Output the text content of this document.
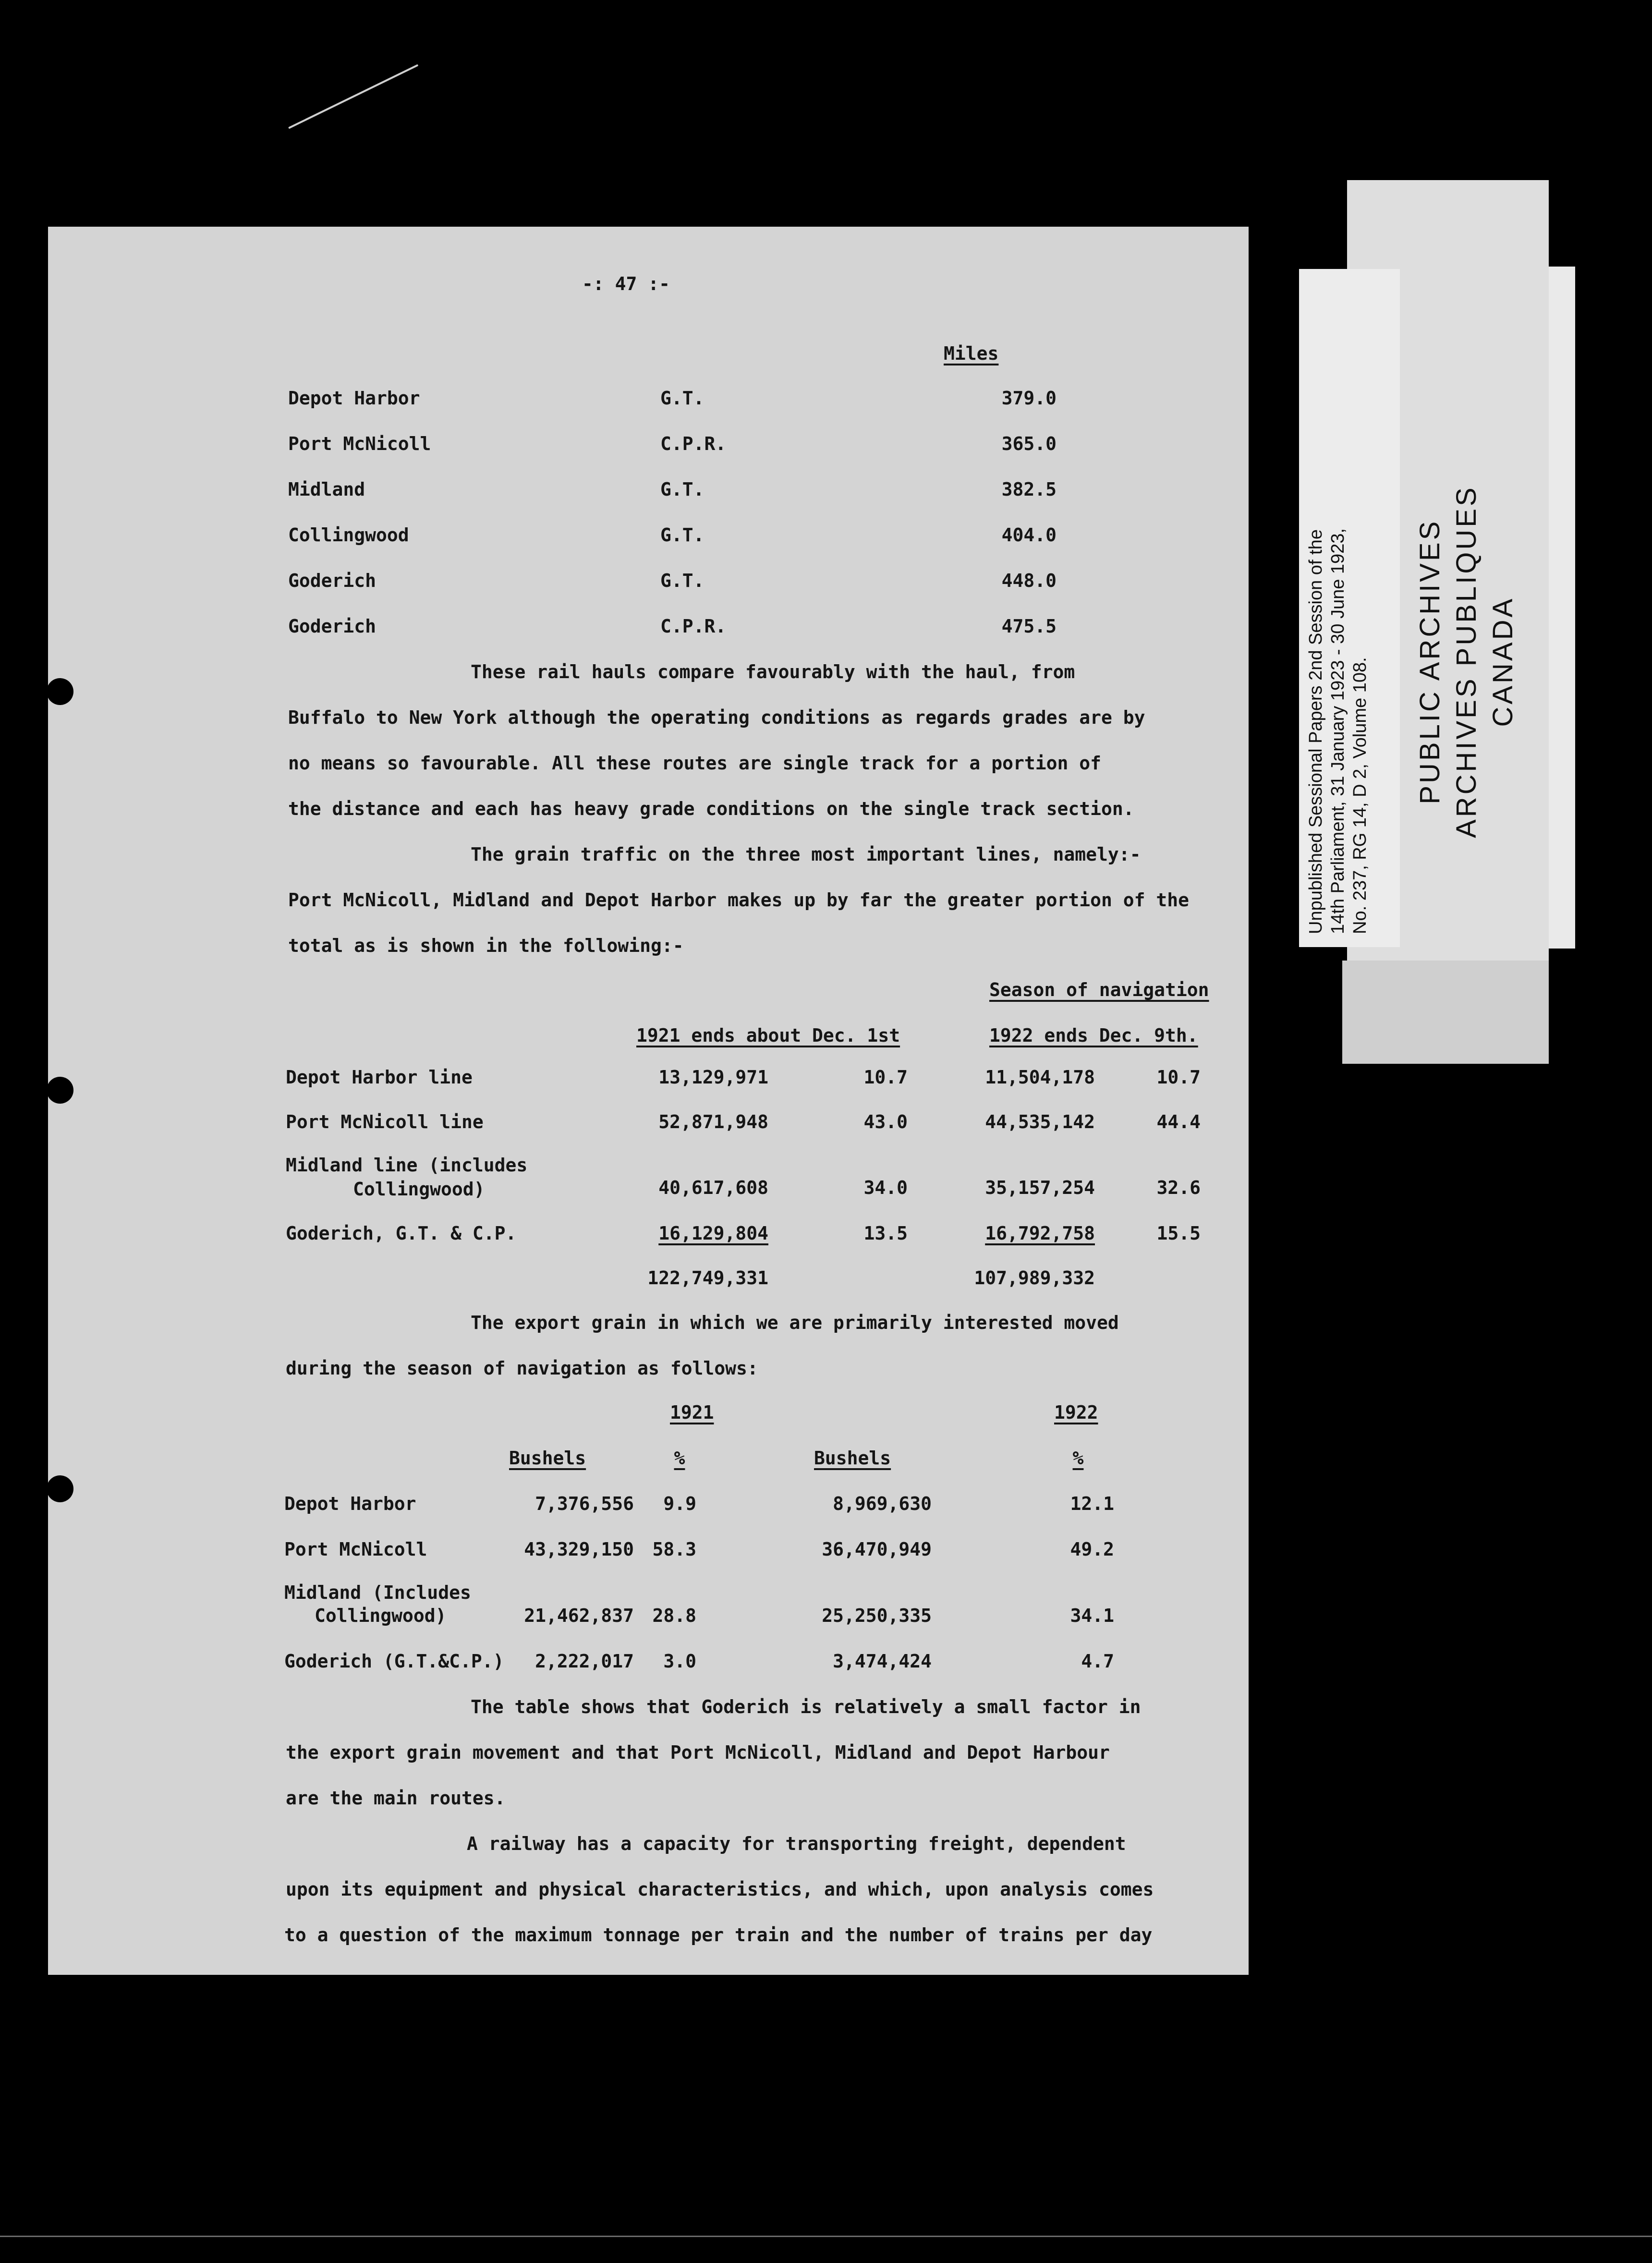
Unpublished Sessional Papers 2nd Session of the 14th Parliament, 31 January 1923 - 30 June 1923, No. 237, RG 14, D 2, Volume 108. PUBLIC ARCHIVES ARCHIVES PUBLIQUES CANADA
-: 47 :-
Miles
Depot Harbor	G.T.	379.0
Port McNicoll	C.P.R.	365.0
Midland	G.T.	382.5
Collingwood	G.T.	404.0
Goderich	G.T.	448.0
Goderich	C.P.R.	475.5
These rail hauls compare favourably with the haul, from
Buffalo to New York although the operating conditions as regards grades are by
no means so favourable. All these routes are single track for a portion of
the distance and each has heavy grade conditions on the single track section.
The grain traffic on the three most important lines, namely:-
Port McNicoll, Midland and Depot Harbor makes up by far the greater portion of the
total as is shown in the following:-
Season of navigation
1921 ends about Dec. 1st	1922 ends Dec. 9th.
Depot Harbor line	13,129,971	10.7	11,504,178	10.7
Port McNicoll line	52,871,948	43.0	44,535,142	44.4
Midland line (includes
Collingwood)	40,617,608	34.0	35,157,254	32.6
Goderich, G.T. & C.P.	16,129,804	13.5	16,792,758	15.5
122,749,331	107,989,332
The export grain in which we are primarily interested moved
during the season of navigation as follows:
1921	1922
Bushels	%	Bushels	%
Depot Harbor	7,376,556	9.9	8,969,630	12.1
Port McNicoll	43,329,150	58.3	36,470,949	49.2
Midland (Includes
Collingwood)	21,462,837	28.8	25,250,335	34.1
Goderich (G.T.&C.P.)	2,222,017	3.0	3,474,424	4.7
The table shows that Goderich is relatively a small factor in
the export grain movement and that Port McNicoll, Midland and Depot Harbour
are the main routes.
A railway has a capacity for transporting freight, dependent
upon its equipment and physical characteristics, and which, upon analysis comes
to a question of the maximum tonnage per train and the number of trains per day
